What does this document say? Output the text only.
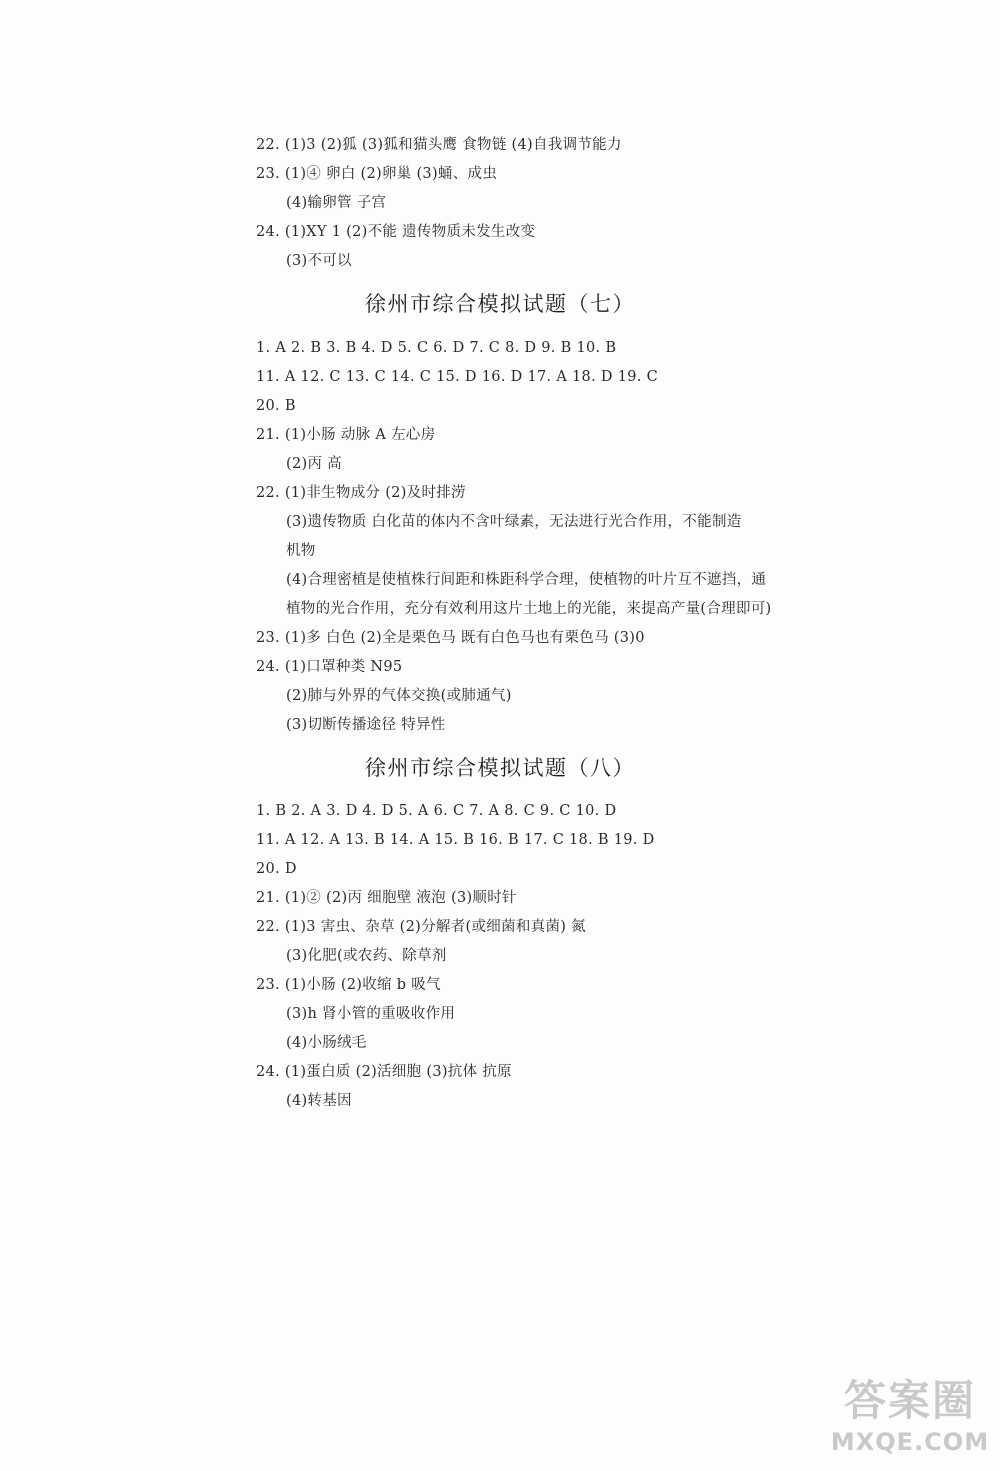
22. (1)3 (2)狐 (3)狐和猫头鹰 食物链 (4)自我调节能力
23. (1)④ 卵白 (2)卵巢 (3)蛹、成虫
(4)输卵管 子宫
24. (1)XY 1 (2)不能 遗传物质未发生改变
(3)不可以
徐州市综合模拟试题（七）
1. A 2. B 3. B 4. D 5. C 6. D 7. C 8. D 9. B 10. B
11. A 12. C 13. C 14. C 15. D 16. D 17. A 18. D 19. C
20. B
21. (1)小肠 动脉 A 左心房
(2)丙 高
22. (1)非生物成分 (2)及时排涝
(3)遗传物质 白化苗的体内不含叶绿素，无法进行光合作用，不能制造
机物
(4)合理密植是使植株行间距和株距科学合理，使植物的叶片互不遮挡，通
植物的光合作用，充分有效利用这片土地上的光能，来提高产量(合理即可)
23. (1)多 白色 (2)全是栗色马 既有白色马也有栗色马 (3)0
24. (1)口罩种类 N95
(2)肺与外界的气体交换(或肺通气)
(3)切断传播途径 特异性
徐州市综合模拟试题（八）
1. B 2. A 3. D 4. D 5. A 6. C 7. A 8. C 9. C 10. D
11. A 12. A 13. B 14. A 15. B 16. B 17. C 18. B 19. D
20. D
21. (1)② (2)丙 细胞壁 液泡 (3)顺时针
22. (1)3 害虫、杂草 (2)分解者(或细菌和真菌) 氮
(3)化肥(或农药、除草剂
23. (1)小肠 (2)收缩 b 吸气
(3)h 肾小管的重吸收作用
(4)小肠绒毛
24. (1)蛋白质 (2)活细胞 (3)抗体 抗原
(4)转基因
答案圈
MXQE.COM
